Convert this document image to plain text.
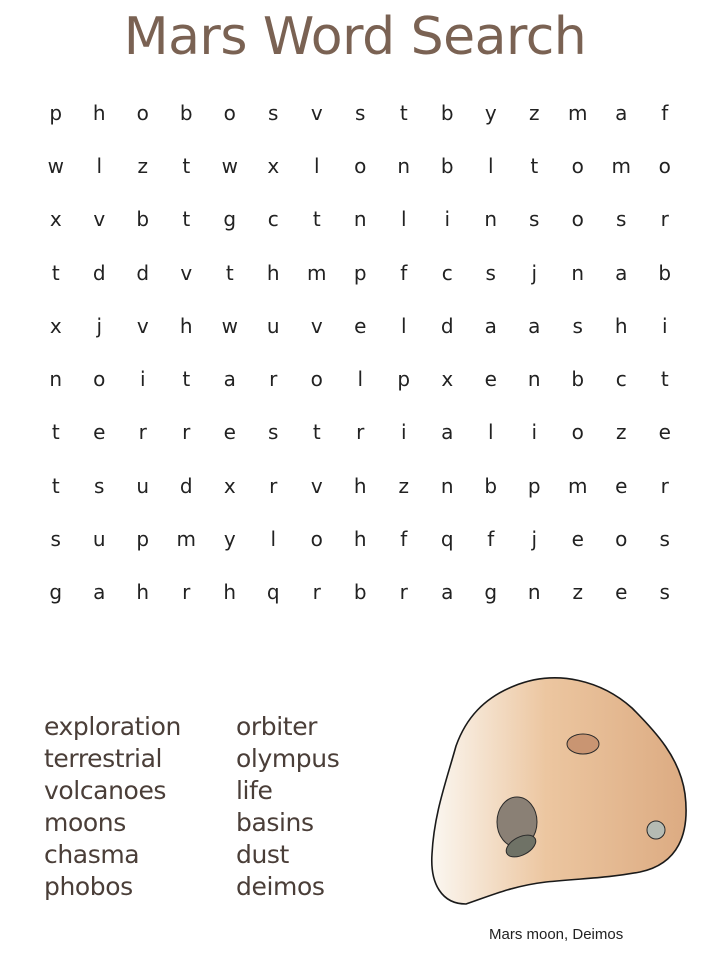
Mars Word Search
p	h	o	b	o	s	v	s	t	b	y	z	m	a	f
w	l	z	t	w	x	l	o	n	b	l	t	o	m	o
x	v	b	t	g	c	t	n	l	i	n	s	o	s	r
t	d	d	v	t	h	m	p	f	c	s	j	n	a	b
x	j	v	h	w	u	v	e	l	d	a	a	s	h	i
n	o	i	t	a	r	o	l	p	x	e	n	b	c	t
t	e	r	r	e	s	t	r	i	a	l	i	o	z	e
t	s	u	d	x	r	v	h	z	n	b	p	m	e	r
s	u	p	m	y	l	o	h	f	q	f	j	e	o	s
g	a	h	r	h	q	r	b	r	a	g	n	z	e	s
exploration
terrestrial
volcanoes
moons
chasma
phobos
orbiter
olympus
life
basins
dust
deimos
Mars moon, Deimos
